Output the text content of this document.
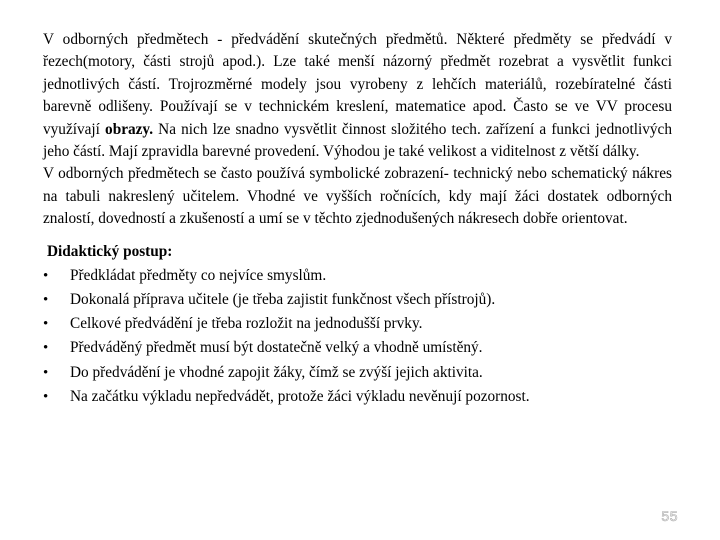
V odborných předmětech - předvádění skutečných předmětů. Některé předměty se předvádí v řezech(motory, části strojů apod.). Lze také menší názorný předmět rozebrat a vysvětlit funkci jednotlivých částí. Trojrozměrné modely jsou vyrobeny z lehčích materiálů, rozebíratelné části barevně odlišeny. Používají se v technickém kreslení, matematice apod. Často se ve VV procesu využívají obrazy. Na nich lze snadno vysvětlit činnost složitého tech. zařízení a funkci jednotlivých jeho částí. Mají zpravidla barevné provedení. Výhodou je také velikost a viditelnost z větší dálky.

V odborných předmětech se často používá symbolické zobrazení- technický nebo schematický nákres na tabuli nakreslený učitelem. Vhodné ve vyšších ročnících, kdy mají žáci dostatek odborných znalostí, dovedností a zkušeností a umí se v těchto zjednodušených nákresech dobře orientovat.

Didaktický postup:
• Předkládat předměty co nejvíce smyslům.
• Dokonalá příprava učitele (je třeba zajistit funkčnost všech přístrojů).
• Celkové předvádění je třeba rozložit na jednodušší prvky.
• Předváděný předmět musí být dostatečně velký a vhodně umístěný.
• Do předvádění je vhodné zapojit žáky, čímž se zvýší jejich aktivita.
• Na začátku výkladu nepředvádět, protože žáci výkladu nevěnují pozornost.
55
